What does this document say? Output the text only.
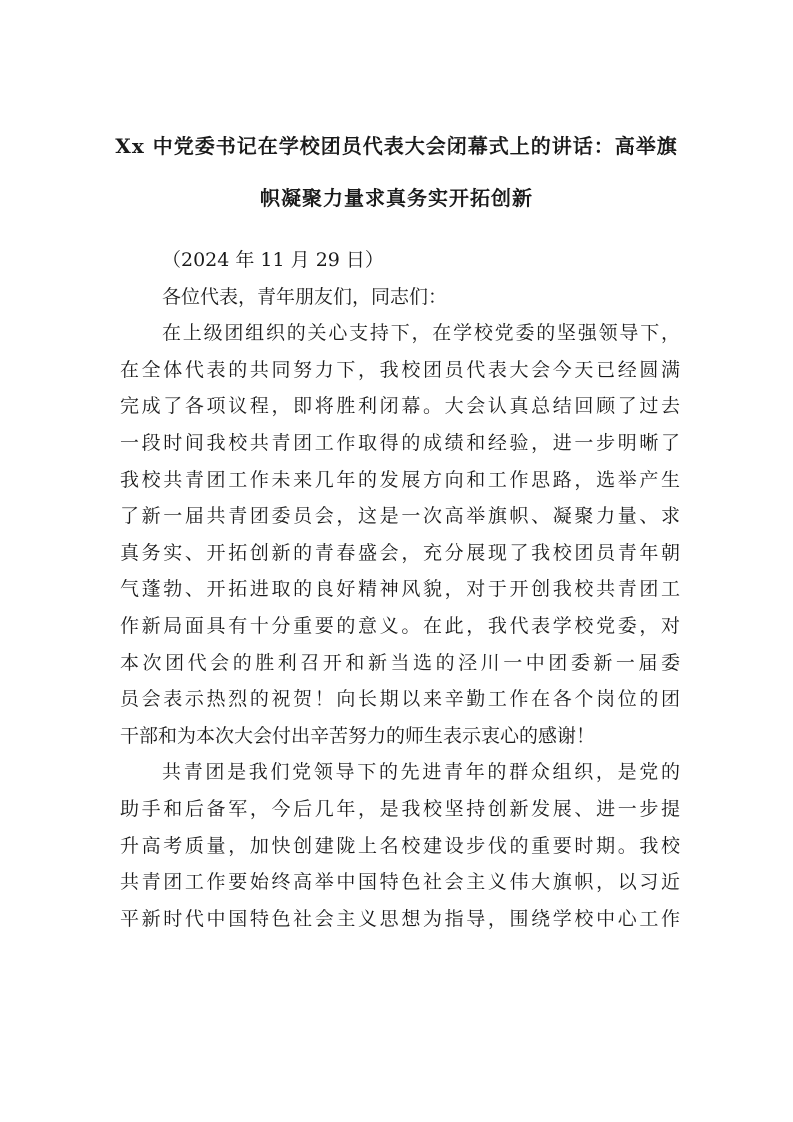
Xx 中党委书记在学校团员代表大会闭幕式上的讲话：高举旗
帜凝聚力量求真务实开拓创新
（2024 年 11 月 29 日）
各位代表，青年朋友们，同志们：
在上级团组织的关心支持下，在学校党委的坚强领导下，
在全体代表的共同努力下，我校团员代表大会今天已经圆满
完成了各项议程，即将胜利闭幕。大会认真总结回顾了过去
一段时间我校共青团工作取得的成绩和经验，进一步明晰了
我校共青团工作未来几年的发展方向和工作思路，选举产生
了新一届共青团委员会，这是一次高举旗帜、凝聚力量、求
真务实、开拓创新的青春盛会，充分展现了我校团员青年朝
气蓬勃、开拓进取的良好精神风貌，对于开创我校共青团工
作新局面具有十分重要的意义。在此，我代表学校党委，对
本次团代会的胜利召开和新当选的泾川一中团委新一届委
员会表示热烈的祝贺！向长期以来辛勤工作在各个岗位的团
干部和为本次大会付出辛苦努力的师生表示衷心的感谢！
共青团是我们党领导下的先进青年的群众组织，是党的
助手和后备军，今后几年，是我校坚持创新发展、进一步提
升高考质量，加快创建陇上名校建设步伐的重要时期。我校
共青团工作要始终高举中国特色社会主义伟大旗帜，以习近
平新时代中国特色社会主义思想为指导，围绕学校中心工作
